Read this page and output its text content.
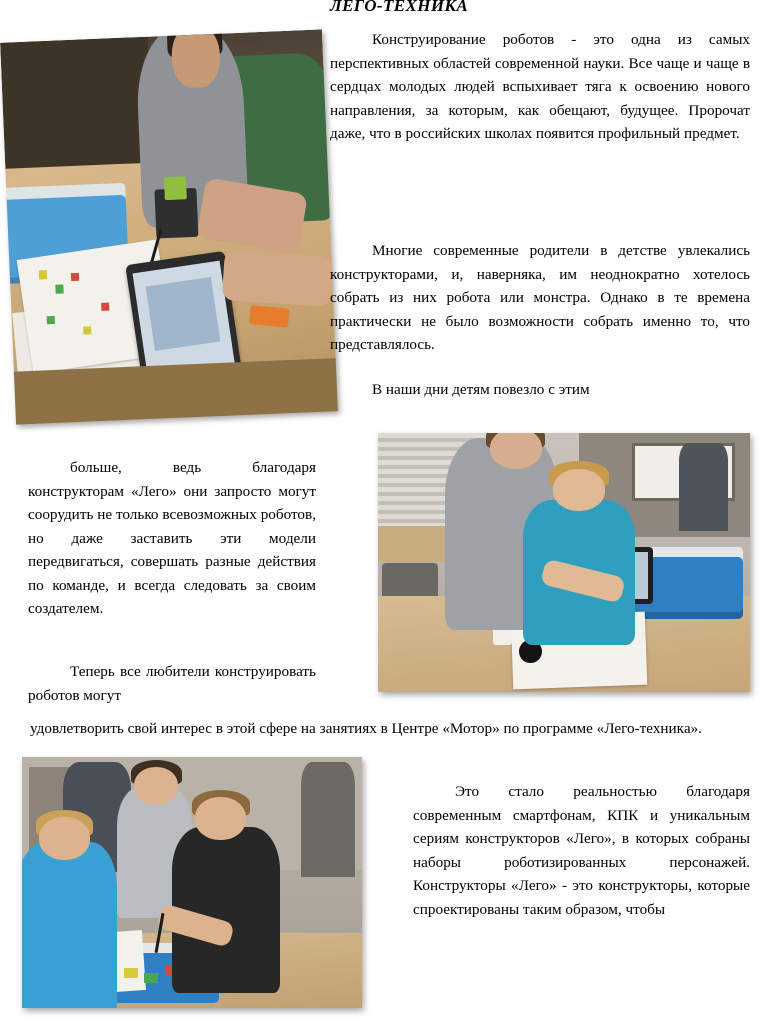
ЛЕГО-ТЕХНИКА
Конструирование роботов - это одна из самых перспективных областей современной науки. Все чаще и чаще в сердцах молодых людей вспыхивает тяга к освоению нового направления, за которым, как обещают, будущее. Пророчат даже, что в российских школах появится профильный предмет.
Многие современные родители в детстве увлекались конструкторами, и, наверняка, им неоднократно хотелось собрать из них робота или монстра. Однако в те времена практически не было возможности собрать именно то, что представлялось.
В наши дни детям повезло с этим
больше, ведь благодаря конструкторам «Лего» они запросто могут соорудить не только всевозможных роботов, но даже заставить эти модели передвигаться, совершать разные действия по команде, и всегда следовать за своим создателем.
Теперь все любители конструировать роботов могут
удовлетворить свой интерес в этой сфере на занятиях в Центре «Мотор» по программе «Лего-техника».
Это стало реальностью благодаря современным смартфонам, КПК и уникальным сериям конструкторов «Лего», в которых собраны наборы роботизированных персонажей. Конструкторы «Лего» - это конструкторы, которые спроектированы таким образом, чтобы
